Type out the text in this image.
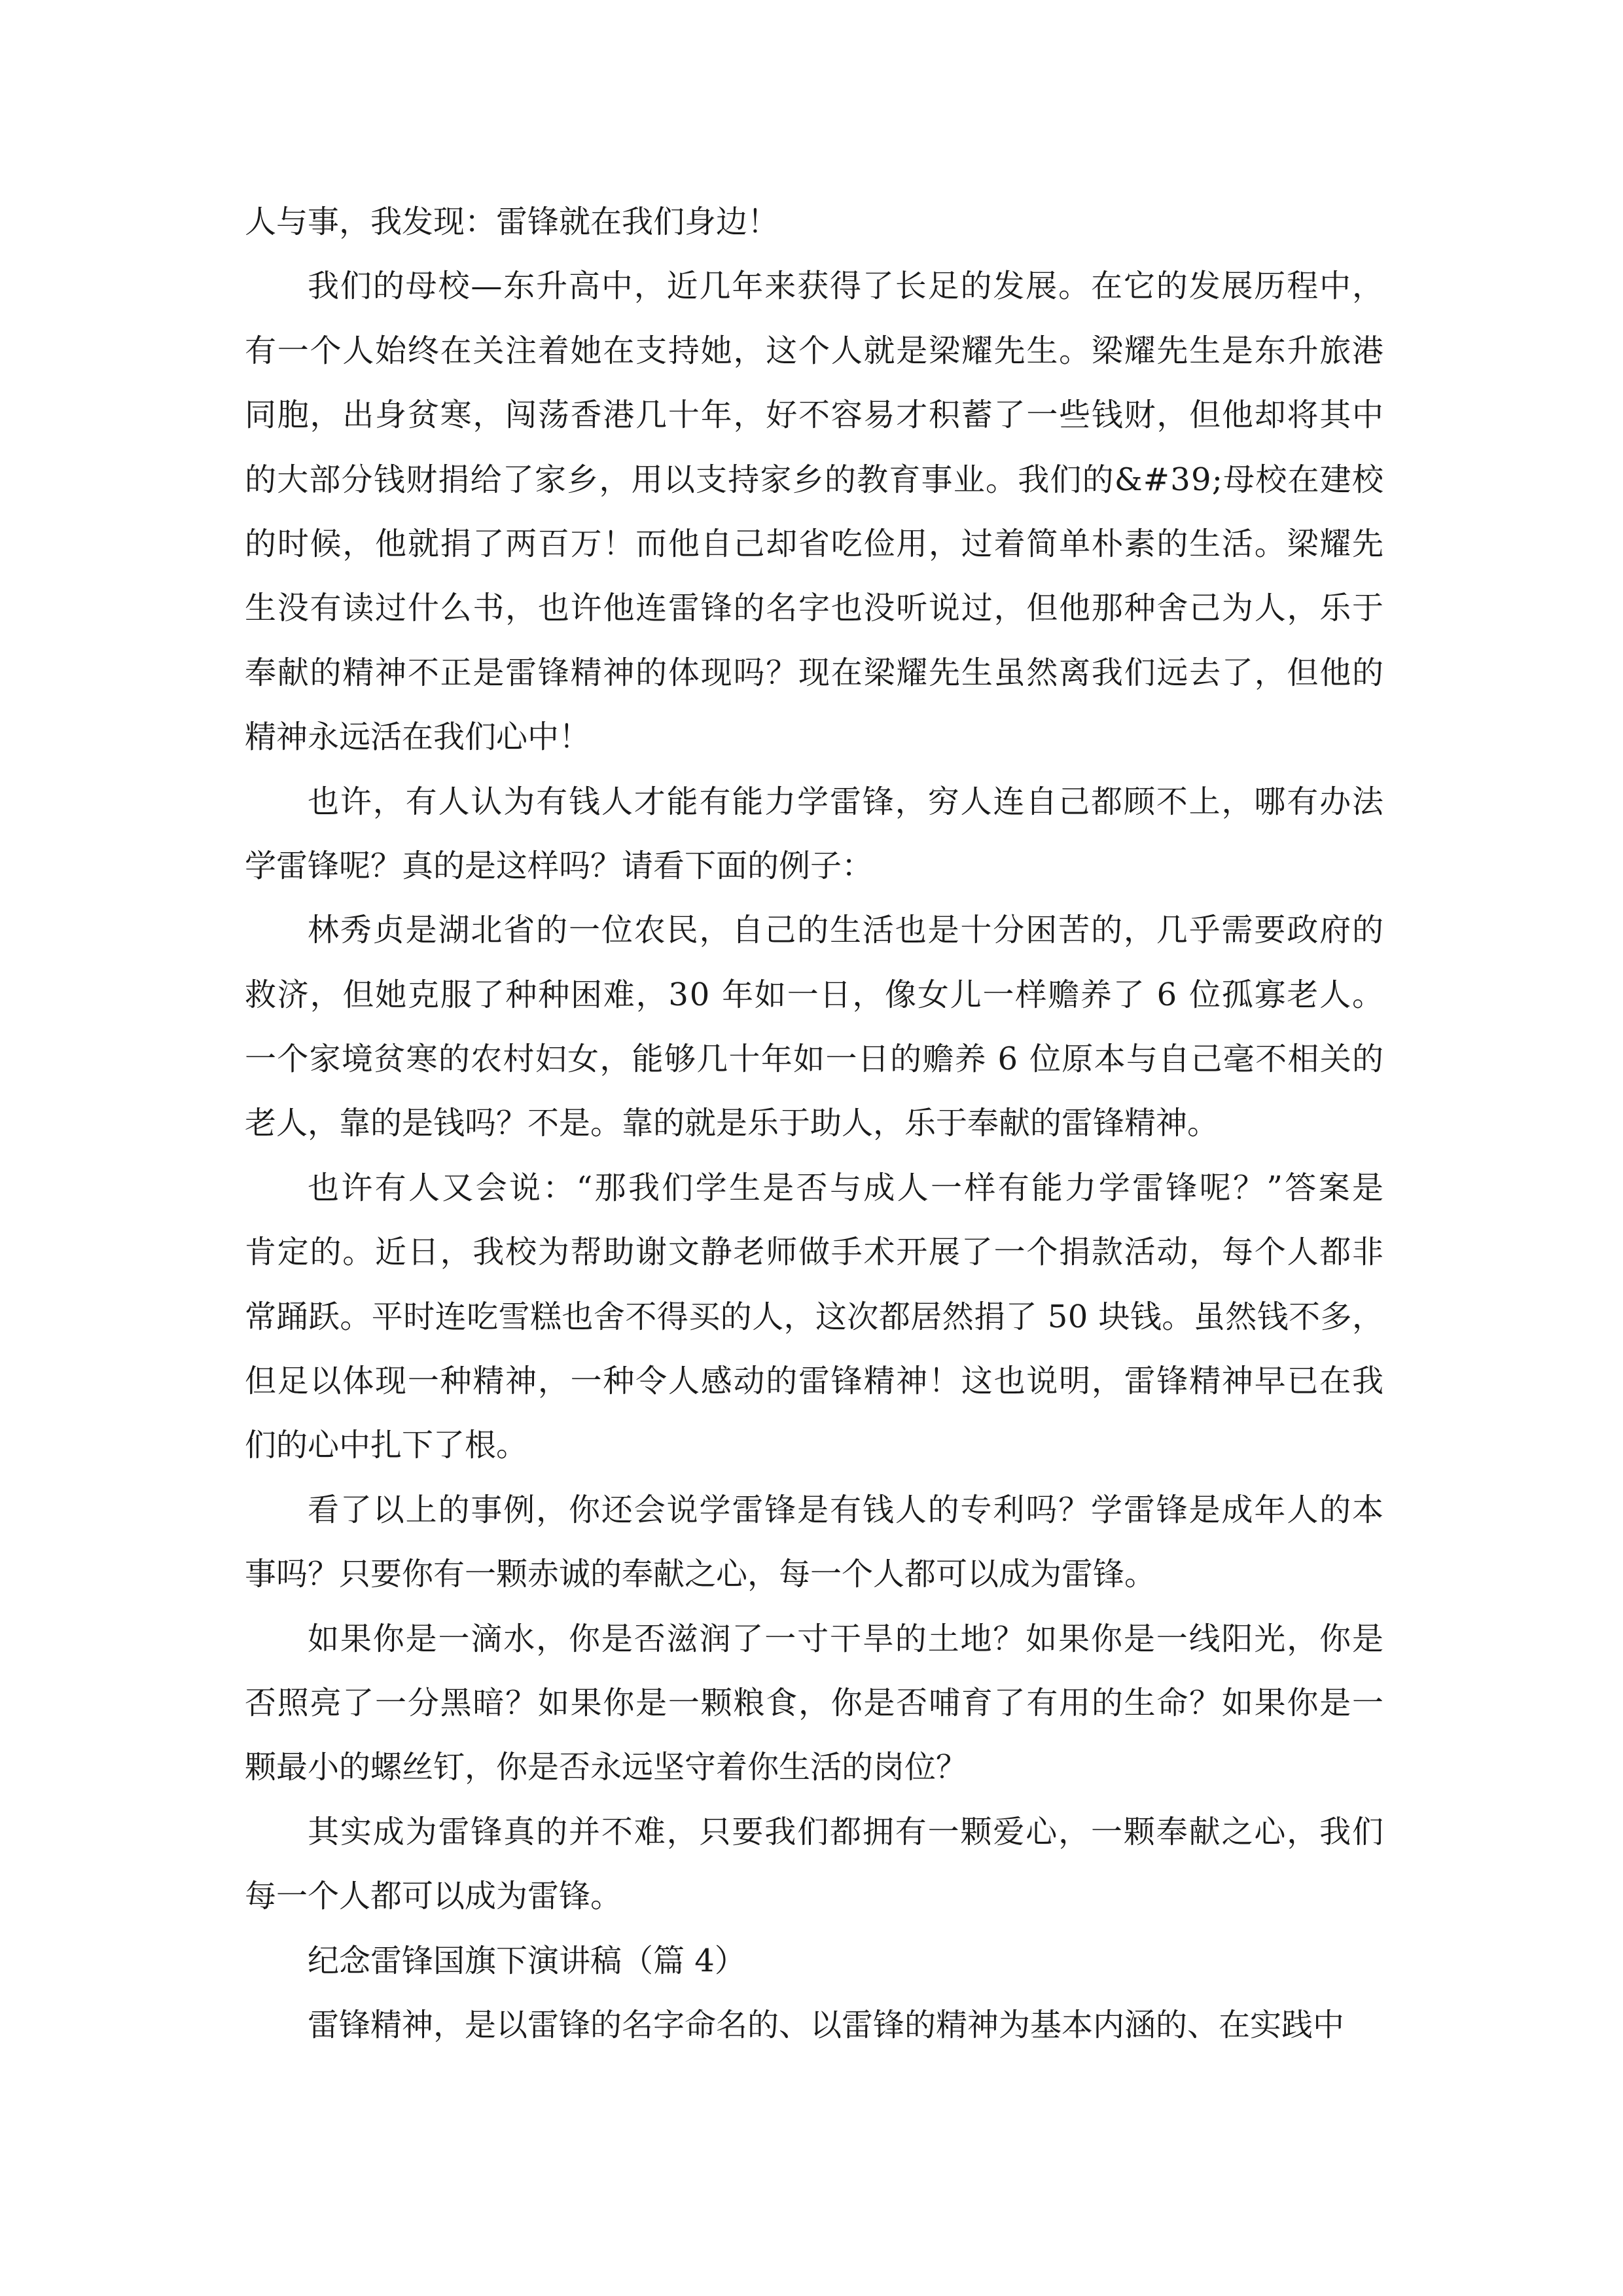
人与事，我发现：雷锋就在我们身边！
我们的母校—东升高中，近几年来获得了长足的发展。在它的发展历程中，
有一个人始终在关注着她在支持她，这个人就是梁耀先生。梁耀先生是东升旅港
同胞，出身贫寒，闯荡香港几十年，好不容易才积蓄了一些钱财，但他却将其中
的大部分钱财捐给了家乡，用以支持家乡的教育事业。我们的&#39;母校在建校
的时候，他就捐了两百万！而他自己却省吃俭用，过着简单朴素的生活。梁耀先
生没有读过什么书，也许他连雷锋的名字也没听说过，但他那种舍己为人，乐于
奉献的精神不正是雷锋精神的体现吗？现在梁耀先生虽然离我们远去了，但他的
精神永远活在我们心中！
也许，有人认为有钱人才能有能力学雷锋，穷人连自己都顾不上，哪有办法
学雷锋呢？真的是这样吗？请看下面的例子：
林秀贞是湖北省的一位农民，自己的生活也是十分困苦的，几乎需要政府的
救济，但她克服了种种困难，30 年如一日，像女儿一样赡养了 6 位孤寡老人。
一个家境贫寒的农村妇女，能够几十年如一日的赡养 6 位原本与自己毫不相关的
老人，靠的是钱吗？不是。靠的就是乐于助人，乐于奉献的雷锋精神。
也许有人又会说：“那我们学生是否与成人一样有能力学雷锋呢？”答案是
肯定的。近日，我校为帮助谢文静老师做手术开展了一个捐款活动，每个人都非
常踊跃。平时连吃雪糕也舍不得买的人，这次都居然捐了 50 块钱。虽然钱不多，
但足以体现一种精神，一种令人感动的雷锋精神！这也说明，雷锋精神早已在我
们的心中扎下了根。
看了以上的事例，你还会说学雷锋是有钱人的专利吗？学雷锋是成年人的本
事吗？只要你有一颗赤诚的奉献之心，每一个人都可以成为雷锋。
如果你是一滴水，你是否滋润了一寸干旱的土地？如果你是一线阳光，你是
否照亮了一分黑暗？如果你是一颗粮食，你是否哺育了有用的生命？如果你是一
颗最小的螺丝钉，你是否永远坚守着你生活的岗位？
其实成为雷锋真的并不难，只要我们都拥有一颗爱心，一颗奉献之心，我们
每一个人都可以成为雷锋。
纪念雷锋国旗下演讲稿（篇 4）
雷锋精神，是以雷锋的名字命名的、以雷锋的精神为基本内涵的、在实践中
